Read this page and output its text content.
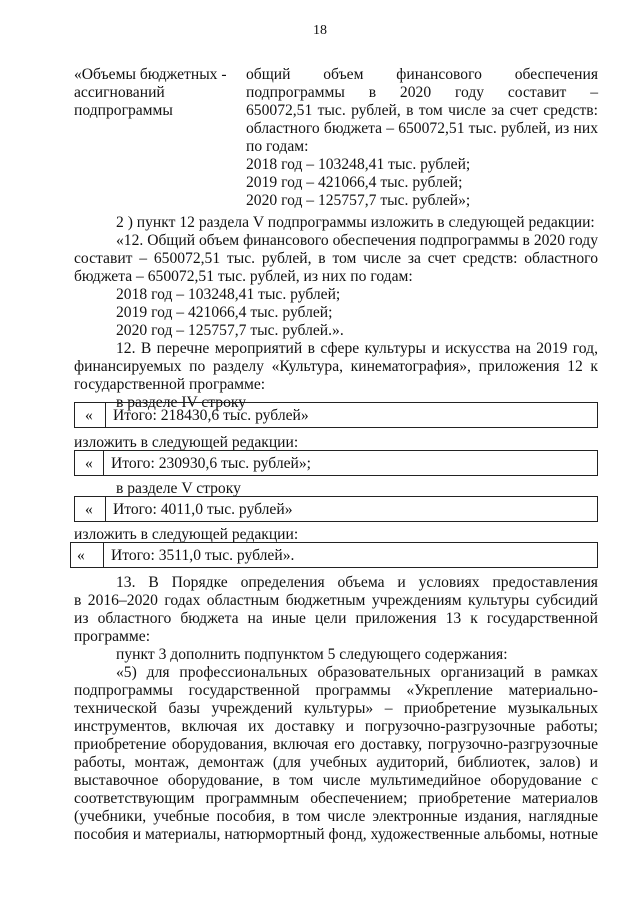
18
«Объемы бюджетных -
ассигнований
подпрограммы
общий объем финансового обеспечения
подпрограммы в 2020 году составит –
650072,51 тыс. рублей, в том числе за счет средств:
областного бюджета – 650072,51 тыс. рублей, из них
по годам:
2018 год – 103248,41 тыс. рублей;
2019 год – 421066,4 тыс. рублей;
2020 год – 125757,7 тыс. рублей»;
2 ) пункт 12 раздела V подпрограммы изложить в следующей редакции:
«12. Общий объем финансового обеспечения подпрограммы в 2020 году
составит – 650072,51 тыс. рублей, в том числе за счет средств: областного
бюджета – 650072,51 тыс. рублей, из них по годам:
2018 год – 103248,41 тыс. рублей;
2019 год – 421066,4 тыс. рублей;
2020 год – 125757,7 тыс. рублей.».
12. В перечне мероприятий в сфере культуры и искусства на 2019 год,
финансируемых по разделу «Культура, кинематография», приложения 12 к
государственной программе:
в разделе IV строку
« Итого: 218430,6 тыс. рублей»
изложить в следующей редакции:
« Итого: 230930,6 тыс. рублей»;
в разделе V строку
« Итого: 4011,0 тыс. рублей»
изложить в следующей редакции:
« Итого: 3511,0 тыс. рублей».
13. В Порядке определения объема и условиях предоставления
в 2016–2020 годах областным бюджетным учреждениям культуры субсидий
из областного бюджета на иные цели приложения 13 к государственной
программе:
пункт 3 дополнить подпунктом 5 следующего содержания:
«5) для профессиональных образовательных организаций в рамках
подпрограммы государственной программы «Укрепление материально-
технической базы учреждений культуры» – приобретение музыкальных
инструментов, включая их доставку и погрузочно-разгрузочные работы;
приобретение оборудования, включая его доставку, погрузочно-разгрузочные
работы, монтаж, демонтаж (для учебных аудиторий, библиотек, залов) и
выставочное оборудование, в том числе мультимедийное оборудование с
соответствующим программным обеспечением; приобретение материалов
(учебники, учебные пособия, в том числе электронные издания, наглядные
пособия и материалы, натюрмортный фонд, художественные альбомы, нотные
